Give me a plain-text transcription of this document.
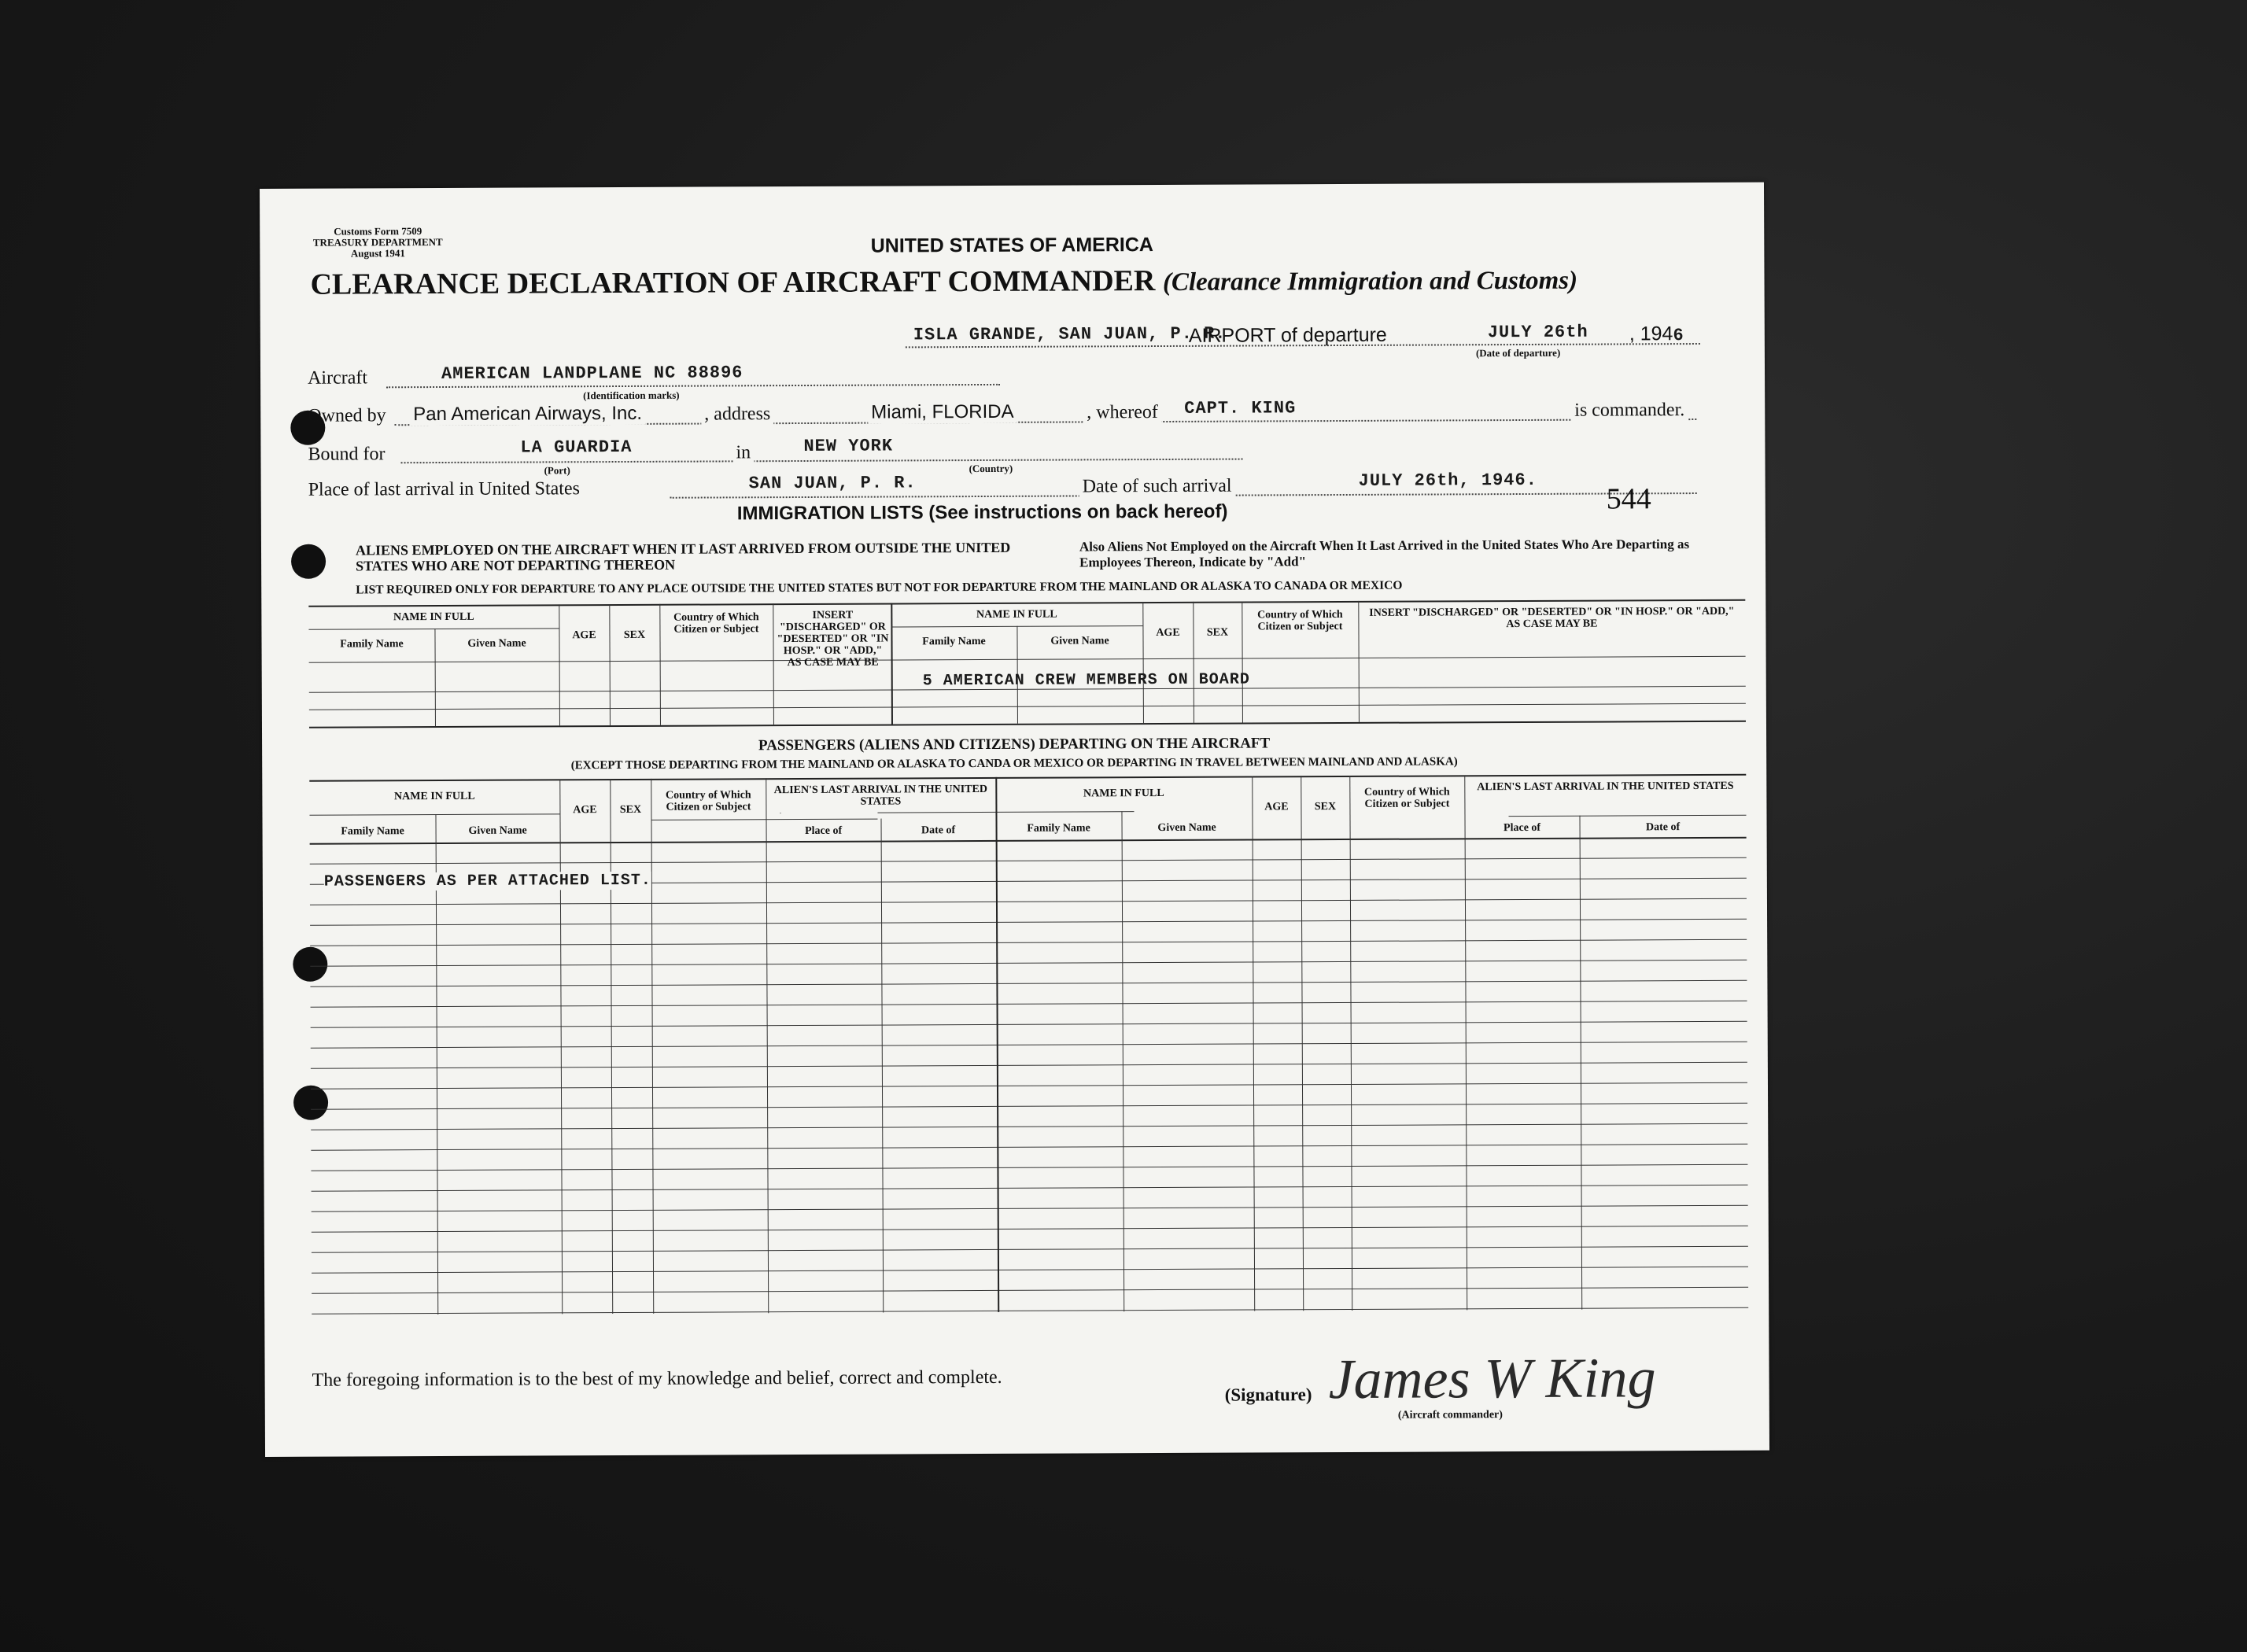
Customs Form 7509
TREASURY DEPARTMENT
August 1941	UNITED STATES OF AMERICA
CLEARANCE DECLARATION OF AIRCRAFT COMMANDER (Clearance Immigration and Customs)
ISLA GRANDE, SAN JUAN, P. R.
AIRPORT of departure	JULY 26th , 1946
(Date of departure)
Aircraft	AMERICAN LANDPLANE NC 88896
(Identification marks)
Owned by Pan American Airways, Inc.	, address	Miami, FLORIDA	, whereof CAPT. KING	is commander.
Bound for	LA GUARDIA	in	NEW YORK
(Port)	(Country)
Place of last arrival in United States	SAN JUAN, P. R.	Date of such arrival	JULY 26th, 1946.
IMMIGRATION LISTS (See instructions on back hereof)	544
ALIENS EMPLOYED ON THE AIRCRAFT WHEN IT LAST ARRIVED FROM OUTSIDE THE UNITED STATES WHO ARE NOT DEPARTING THEREON
Also Aliens Not Employed on the Aircraft When It Last Arrived in the United States Who Are Departing as Employees Thereon, Indicate by "Add"
LIST REQUIRED ONLY FOR DEPARTURE TO ANY PLACE OUTSIDE THE UNITED STATES BUT NOT FOR DEPARTURE FROM THE MAINLAND OR ALASKA TO CANADA OR MEXICO
NAME IN FULL
Family Name	Given Name
AGE	SEX
Country of Which Citizen or Subject
INSERT "DISCHARGED" OR "DESERTED" OR "IN HOSP." OR "ADD," AS CASE MAY BE
NAME IN FULL
Family Name	Given Name
AGE	SEX
Country of Which Citizen or Subject
INSERT "DISCHARGED" OR "DESERTED" OR "IN HOSP." OR "ADD," AS CASE MAY BE
5 AMERICAN CREW MEMBERS ON BOARD
PASSENGERS (ALIENS AND CITIZENS) DEPARTING ON THE AIRCRAFT
(EXCEPT THOSE DEPARTING FROM THE MAINLAND OR ALASKA TO CANDA OR MEXICO OR DEPARTING IN TRAVEL BETWEEN MAINLAND AND ALASKA)
NAME IN FULL
Family Name	Given Name
AGE	SEX
Country of Which Citizen or Subject
ALIEN'S LAST ARRIVAL IN THE UNITED STATES
Place of	Date of
NAME IN FULL
Family Name	Given Name
AGE	SEX
Country of Which Citizen or Subject
ALIEN'S LAST ARRIVAL IN THE UNITED STATES
Place of	Date of
PASSENGERS AS PER ATTACHED LIST.
The foregoing information is to the best of my knowledge and belief, correct and complete.
(Signature) James W King
(Aircraft commander)
